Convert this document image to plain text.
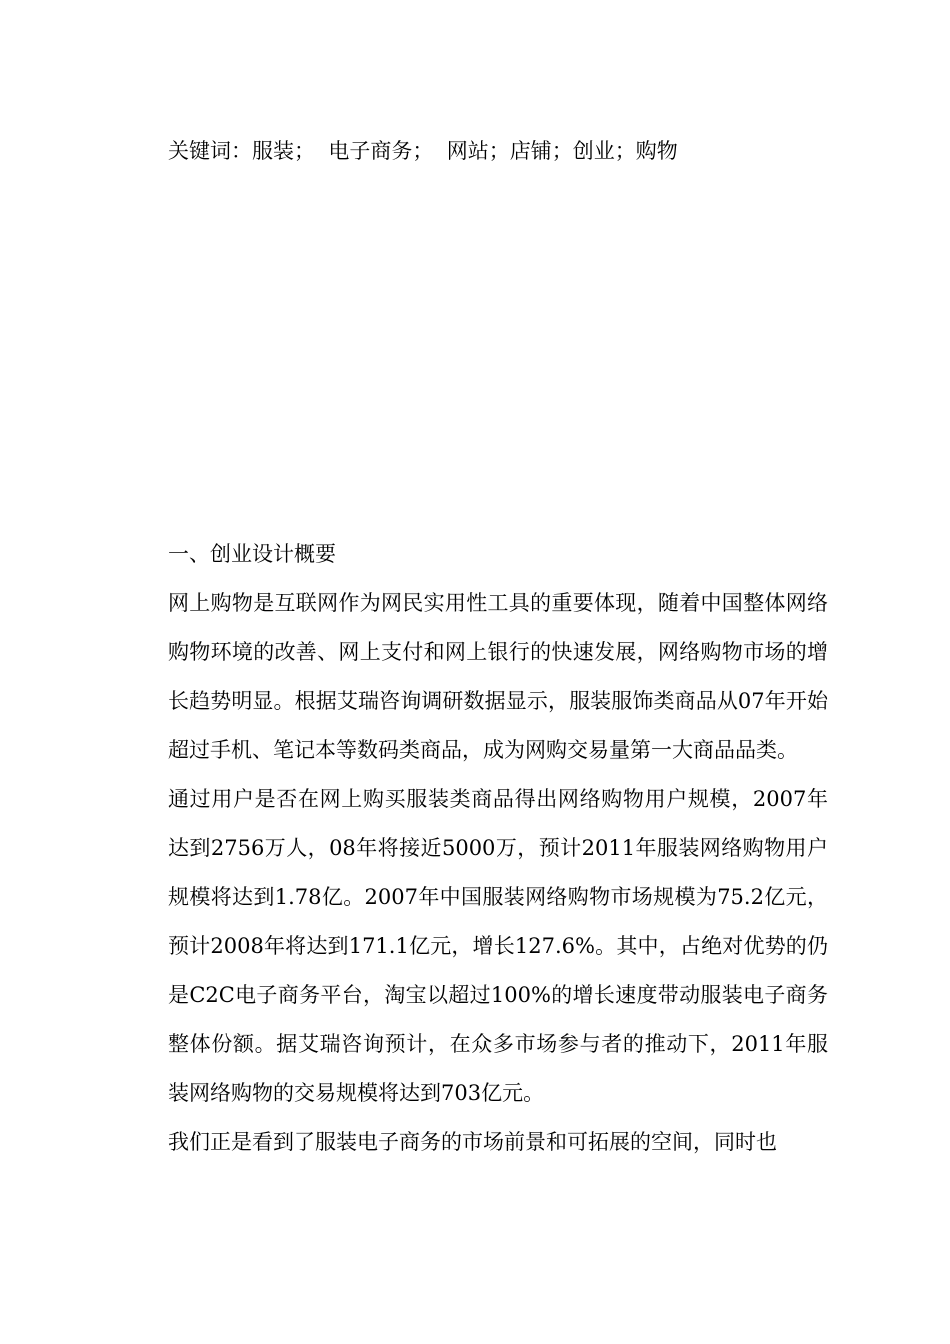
关键词：服装；  电子商务；  网站；店铺；创业；购物

一、创业设计概要

网上购物是互联网作为网民实用性工具的重要体现，随着中国整体网络购物环境的改善、网上支付和网上银行的快速发展，网络购物市场的增长趋势明显。根据艾瑞咨询调研数据显示，服装服饰类商品从07年开始超过手机、笔记本等数码类商品，成为网购交易量第一大商品品类。

通过用户是否在网上购买服装类商品得出网络购物用户规模，2007年达到2756万人，08年将接近5000万，预计2011年服装网络购物用户规模将达到1.78亿。2007年中国服装网络购物市场规模为75.2亿元，预计2008年将达到171.1亿元，增长127.6%。其中，占绝对优势的仍是C2C电子商务平台，淘宝以超过100%的增长速度带动服装电子商务整体份额。据艾瑞咨询预计，在众多市场参与者的推动下，2011年服装网络购物的交易规模将达到703亿元。

我们正是看到了服装电子商务的市场前景和可拓展的空间，同时也
